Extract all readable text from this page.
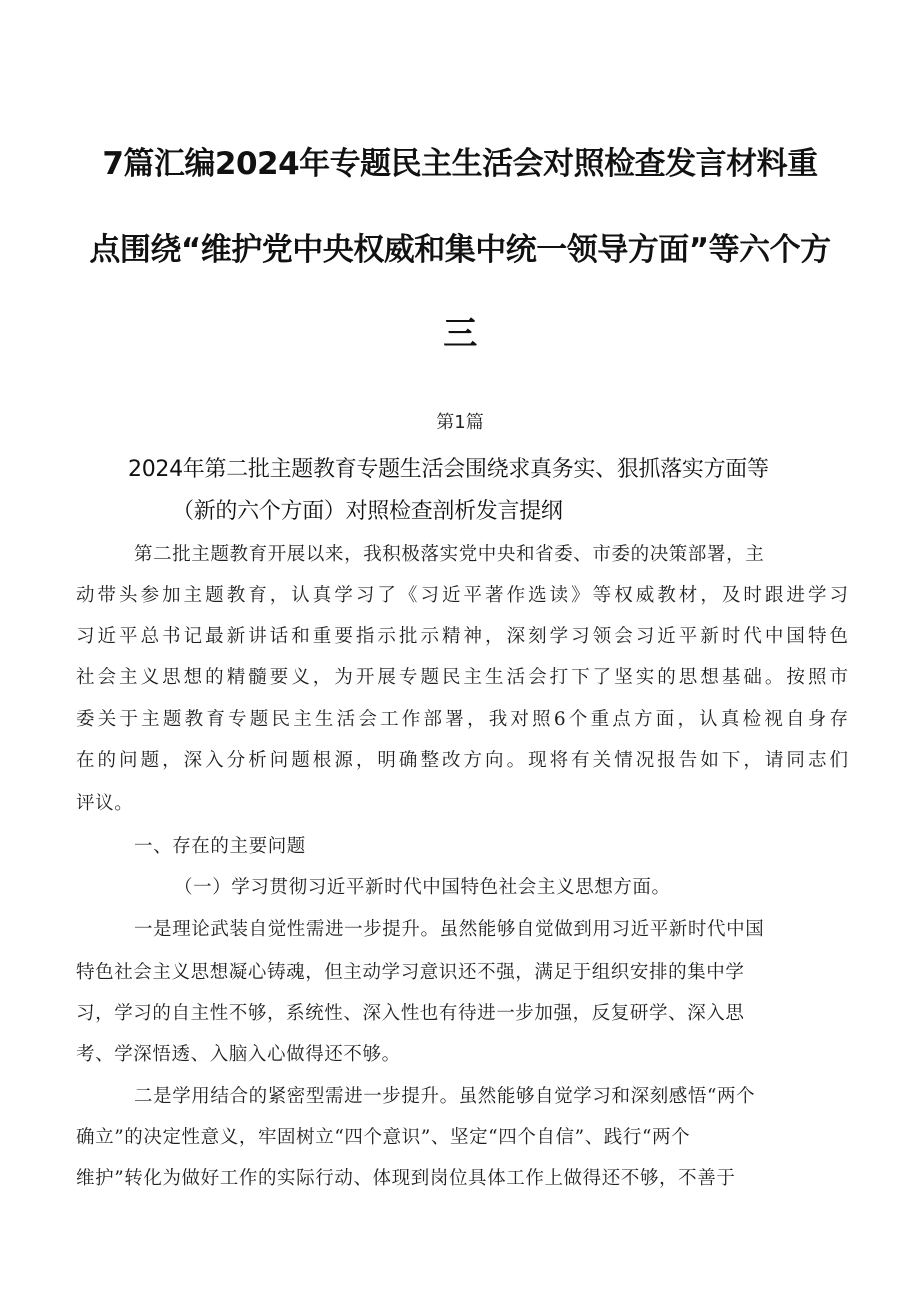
7篇汇编2024年专题民主生活会对照检查发言材料重
点围绕“维护党中央权威和集中统一领导方面”等六个方
三
第1篇
2024年第二批主题教育专题生活会围绕求真务实、狠抓落实方面等
（新的六个方面）对照检查剖析发言提纲
第二批主题教育开展以来，我积极落实党中央和省委、市委的决策部署，主
动带头参加主题教育，认真学习了《习近平著作选读》等权威教材，及时跟进学习
习近平总书记最新讲话和重要指示批示精神，深刻学习领会习近平新时代中国特色
社会主义思想的精髓要义，为开展专题民主生活会打下了坚实的思想基础。按照市
委关于主题教育专题民主生活会工作部署，我对照6个重点方面，认真检视自身存
在的问题，深入分析问题根源，明确整改方向。现将有关情况报告如下，请同志们
评议。
一、存在的主要问题
（一）学习贯彻习近平新时代中国特色社会主义思想方面。
一是理论武装自觉性需进一步提升。虽然能够自觉做到用习近平新时代中国
特色社会主义思想凝心铸魂，但主动学习意识还不强，满足于组织安排的集中学
习，学习的自主性不够，系统性、深入性也有待进一步加强，反复研学、深入思
考、学深悟透、入脑入心做得还不够。
二是学用结合的紧密型需进一步提升。虽然能够自觉学习和深刻感悟“两个
确立”的决定性意义，牢固树立“四个意识”、坚定“四个自信”、践行“两个
维护”转化为做好工作的实际行动、体现到岗位具体工作上做得还不够，不善于
